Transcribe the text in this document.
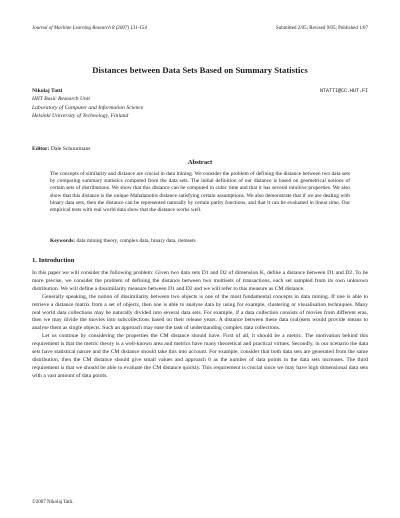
Journal of Machine Learning Research 8 (2007) 131-154	Submitted 2/05; Revised 9/05; Published 1/07
Distances between Data Sets Based on Summary Statistics
Nikolaj Tatti	NTATTI@CC.HUT.FI
HIIT Basic Research Unit
Laboratory of Computer and Information Science
Helsinki University of Technology, Finland
Editor: Dale Schuurmans
Abstract
The concepts of similarity and distance are crucial in data mining. We consider the problem of defining the distance between two data sets by comparing summary statistics computed from the data sets. The initial definition of our distance is based on geometrical notions of certain sets of distributions. We show that this distance can be computed in cubic time and that it has several intuitive properties. We also show that this distance is the unique Mahalanobis distance satisfying certain assumptions. We also demonstrate that if we are dealing with binary data sets, then the distance can be represented naturally by certain parity functions, and that it can be evaluated in linear time. Our empirical tests with real world data show that the distance works well.
Keywords: data mining theory, complex data, binary data, itemsets
1. Introduction

In this paper we will consider the following problem: Given two data sets D1 and D2 of dimension K, define a distance between D1 and D2. To be more precise, we consider the problem of defining the distance between two multisets of transactions, each set sampled from its own unknown distribution. We will define a dissimilarity measure between D1 and D2 and we will refer to this measure as CM distance.

Generally speaking, the notion of dissimilarity between two objects is one of the most fundamental concepts in data mining. If one is able to retrieve a distance matrix from a set of objects, then one is able to analyse data by using for example, clustering or visualisation techniques. Many real world data collections may be naturally divided into several data sets. For example, if a data collection consists of movies from different eras, then we may divide the movies into subcollections based on their release years. A distance between these data (sub)sets would provide means to analyse them as single objects. Such an approach may ease the task of understanding complex data collections.

Let us continue by considering the properties the CM distance should have. First of all, it should be a metric. The motivation behind this requirement is that the metric theory is a well-known area and metrics have many theoretical and practical virtues. Secondly, in our scenario the data sets have statistical nature and the CM distance should take this into account. For example, consider that both data sets are generated from the same distribution, then the CM distance should give small values and approach 0 as the number of data points in the data sets increases. The third requirement is that we should be able to evaluate the CM distance quickly. This requirement is crucial since we may have high dimensional data sets with a vast amount of data points.

©2007 Nikolaj Tatti.
